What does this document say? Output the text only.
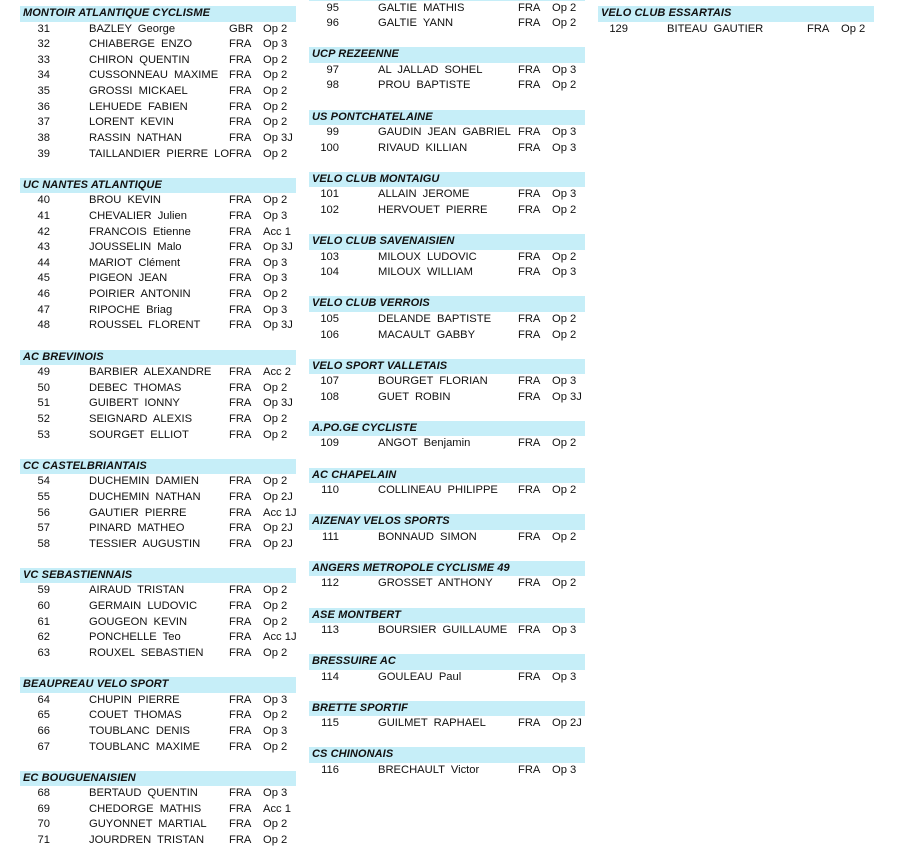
MONTOIR ATLANTIQUE CYCLISME
31	BAZLEY George	GBR Op 2
32	CHIABERGE ENZO	FRA Op 3
33	CHIRON QUENTIN	FRA Op 2
34	CUSSONNEAU MAXIME FRA Op 2
35	GROSSI MICKAEL	FRA Op 2
36	LEHUEDE FABIEN	FRA Op 2
37	LORENT KEVIN	FRA Op 2
38	RASSIN NATHAN	FRA Op 3J
39	TAILLANDIER PIERRE LO FRA Op 2
UC NANTES ATLANTIQUE
40	BROU KEVIN	FRA Op 2
41	CHEVALIER Julien	FRA Op 3
42	FRANCOIS Etienne	FRA Acc 1
43	JOUSSELIN Malo	FRA Op 3J
44	MARIOT Clément	FRA Op 3
45	PIGEON JEAN	FRA Op 3
46	POIRIER ANTONIN	FRA Op 2
47	RIPOCHE Briag	FRA Op 3
48	ROUSSEL FLORENT	FRA Op 3J
AC BREVINOIS
49	BARBIER ALEXANDRE	FRA Acc 2
50	DEBEC THOMAS	FRA Op 2
51	GUIBERT IONNY	FRA Op 3J
52	SEIGNARD ALEXIS	FRA Op 2
53	SOURGET ELLIOT	FRA Op 2
CC CASTELBRIANTAIS
54	DUCHEMIN DAMIEN	FRA Op 2
55	DUCHEMIN NATHAN	FRA Op 2J
56	GAUTIER PIERRE	FRA Acc 1J
57	PINARD MATHEO	FRA Op 2J
58	TESSIER AUGUSTIN	FRA Op 2J
VC SEBASTIENNAIS
59	AIRAUD TRISTAN	FRA Op 2
60	GERMAIN LUDOVIC	FRA Op 2
61	GOUGEON KEVIN	FRA Op 2
62	PONCHELLE Teo	FRA Acc 1J
63	ROUXEL SEBASTIEN	FRA Op 2
BEAUPREAU VELO SPORT
64	CHUPIN PIERRE	FRA Op 3
65	COUET THOMAS	FRA Op 2
66	TOUBLANC DENIS	FRA Op 3
67	TOUBLANC MAXIME	FRA Op 2
EC BOUGUENAISIEN
68	BERTAUD QUENTIN	FRA Op 3
69	CHEDORGE MATHIS	FRA Acc 1
70	GUYONNET MARTIAL	FRA Op 2
71	JOURDREN TRISTAN	FRA Op 2
95	GALTIE MATHIS	FRA Op 2
96	GALTIE YANN	FRA Op 2
UCP REZEENNE
97	AL JALLAD SOHEL	FRA Op 3
98	PROU BAPTISTE	FRA Op 2
US PONTCHATELAINE
99	GAUDIN JEAN GABRIEL FRA Op 3
100	RIVAUD KILLIAN	FRA Op 3
VELO CLUB MONTAIGU
101	ALLAIN JEROME	FRA Op 3
102	HERVOUET PIERRE	FRA Op 2
VELO CLUB SAVENAISIEN
103	MILOUX LUDOVIC	FRA Op 2
104	MILOUX WILLIAM	FRA Op 3
VELO CLUB VERROIS
105	DELANDE BAPTISTE	FRA Op 2
106	MACAULT GABBY	FRA Op 2
VELO SPORT VALLETAIS
107	BOURGET FLORIAN	FRA Op 3
108	GUET ROBIN	FRA Op 3J
A.PO.GE CYCLISTE
109	ANGOT Benjamin	FRA Op 2
AC CHAPELAIN
110	COLLINEAU PHILIPPE	FRA Op 2
AIZENAY VELOS SPORTS
111	BONNAUD SIMON	FRA Op 2
ANGERS METROPOLE CYCLISME 49
112	GROSSET ANTHONY	FRA Op 2
ASE MONTBERT
113	BOURSIER GUILLAUME FRA Op 3
BRESSUIRE AC
114	GOULEAU Paul	FRA Op 3
BRETTE SPORTIF
115	GUILMET RAPHAEL	FRA Op 2J
CS CHINONAIS
116	BRECHAULT Victor	FRA Op 3
VELO CLUB ESSARTAIS
129	BITEAU GAUTIER	FRA Op 2
